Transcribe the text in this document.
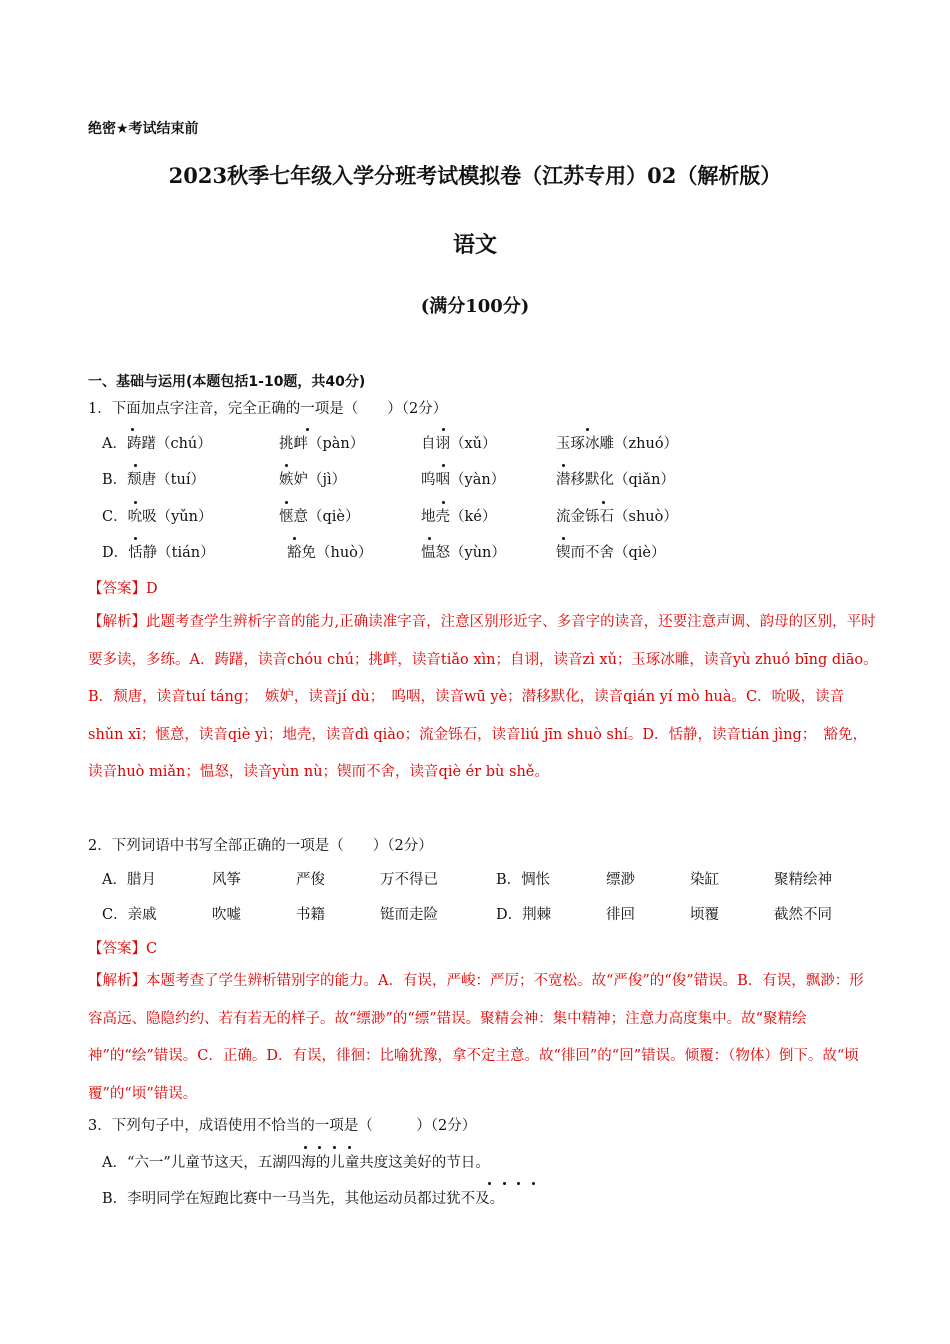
绝密★考试结束前
2023秋季七年级入学分班考试模拟卷（江苏专用）02（解析版）
语文
(满分100分)
一、基础与运用(本题包括1-10题，共40分)
1．下面加点字注音，完全正确的一项是（　　）（2分）
A．踌躇（chú）	挑衅（pàn）	自诩（xǔ）	玉琢冰雕（zhuó）
B．颓唐（tuí）	嫉妒（jì）	呜咽（yàn）	潜移默化（qiǎn）
C．吮吸（yǔn）	惬意（qiè）	地壳（ké）	流金铄石（shuò）
D．恬静（tián）	豁免（huò）	愠怒（yùn）	锲而不舍（qiè）
【答案】D
【解析】此题考查学生辨析字音的能力,正确读准字音，注意区别形近字、多音字的读音，还要注意声调、韵母的区别，平时要多读，多练。A．踌躇，读音chóu chú；挑衅，读音tiǎo xìn；自诩，读音zì xǔ；玉琢冰雕，读音yù zhuó bīng diāo。B．颓唐，读音tuí táng；　嫉妒，读音jí dù；　呜咽，读音wū yè；潜移默化，读音qián yí mò huà。C．吮吸，读音shǔn xī；惬意，读音qiè yì；地壳，读音dì qiào；流金铄石，读音liú jīn shuò shí。D．恬静，读音tián jìng；　豁免，读音huò miǎn；愠怒，读音yùn nù；锲而不舍，读音qiè ér bù shě。
2．下列词语中书写全部正确的一项是（　　）（2分）
A．腊月	风筝	严俊	万不得已	B．惆怅	缥渺	染缸	聚精绘神
C．亲戚	吹嘘	书籍	铤而走险	D．荆棘	徘回	顷覆	截然不同
【答案】C
【解析】本题考查了学生辨析错别字的能力。A．有误，严峻：严厉；不宽松。故“严俊”的“俊”错误。B．有误，飘渺：形容高远、隐隐约约、若有若无的样子。故“缥渺”的“缥”错误。聚精会神：集中精神；注意力高度集中。故“聚精绘神”的“绘”错误。C．正确。D．有误，徘徊：比喻犹豫，拿不定主意。故“徘回”的“回”错误。倾覆：（物体）倒下。故“顷覆”的“顷”错误。
3．下列句子中，成语使用不恰当的一项是（　　　）（2分）
A．“六一”儿童节这天，五湖四海的儿童共度这美好的节日。
B．李明同学在短跑比赛中一马当先，其他运动员都过犹不及。
